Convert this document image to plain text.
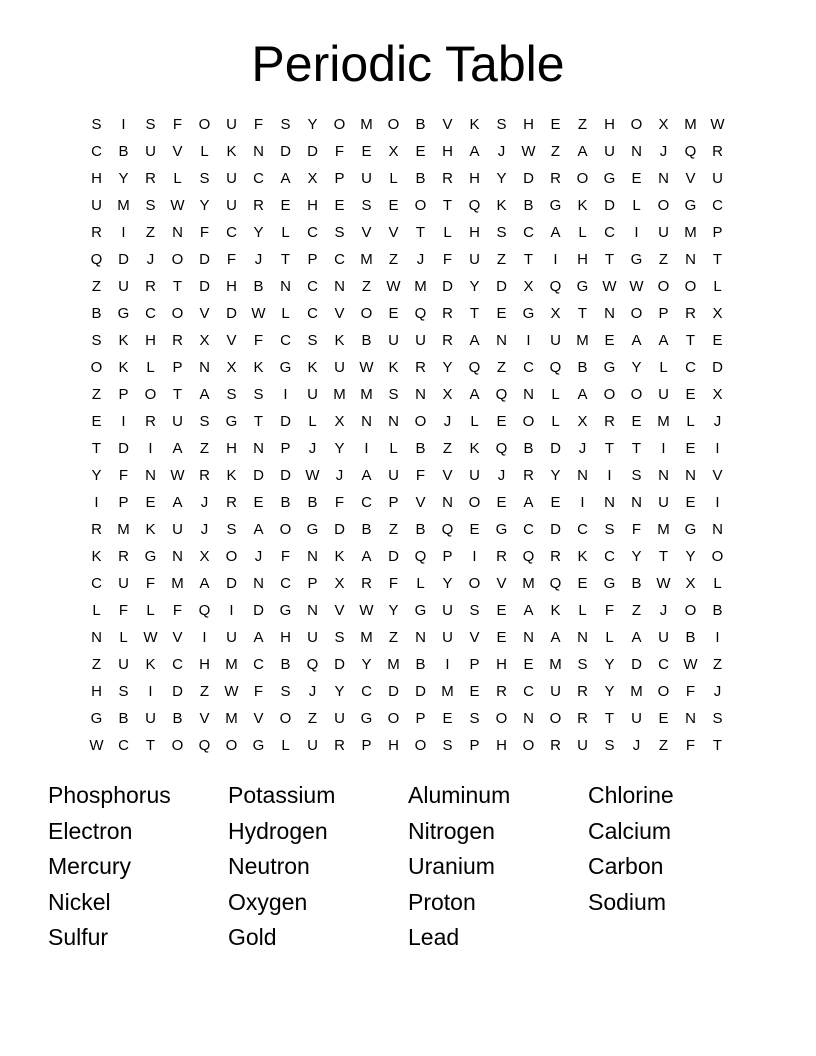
Periodic Table
S	I	S	F	O	U	F	S	Y	O M O	B	V	K	S	H	E	Z	H	O	X	M W
C	B	U	V	L	K	N	D	D	F	E	X	E	H	A	J	W	Z	A	U	N	J	Q	R
H	Y	R	L	S	U	C	A	X	P	U	L	B	R	H	Y	D	R	O	G	E	N	V	U
U	M	S W Y	U	R	E	H	E	S	E	O	T	Q	K	B	G	K	D	L	O	G	C
R	I	Z	N	F	C	Y	L	C	S	V	V	T	L	H	S	C	A	L	C	I	U	M	P
Q	D	J	O	D	F	J	T	P	C	M	Z	J	F	U	Z	T	I	H	T	G	Z	N	T
Z	U	R	T	D	H	B	N	C	N	Z	W M	D	Y	D	X	Q	G W W O	O	L
B	G	C	O	V	D W	L	C	V	O	E	Q	R	T	E	G	X	T	N	O	P	R	X
S	K	H	R	X	V	F	C	S	K	B	U	U	R	A	N	I	U	M	E	A	A	T	E
O	K	L	P	N	X	K	G	K	U W K	R	Y	Q	Z	C	Q	B	G	Y	L	C	D
Z	P	O	T	A	S	S	I	U	M M	S	N	X	A	Q	N	L	A	O	O	U	E	X
E	I	R	U	S	G	T	D	L	X	N	N	O	J	L	E	O	L	X	R	E	M	L	J
T	D	I	A	Z	H	N	P	J	Y	I	L	B	Z	K	Q	B	D	J	T	T	I	E	I
Y	F	N W R	K	D	D W	J	A	U	F	V	U	J	R	Y	N	I	S	N	N	V
I	P	E	A	J	R	E	B	B	F	C	P	V	N	O	E	A	E	I	N	N	U	E	I
R	M	K	U	J	S	A	O	G	D	B	Z	B	Q	E	G	C	D	C	S	F	M G	N
K	R	G	N	X	O	J	F	N	K	A	D	Q	P	I	R	Q	R	K	C	Y	T	Y	O
C	U	F	M	A	D	N	C	P	X	R	F	L	Y	O	V	M Q	E	G	B W X	L
L	F	L	F	Q	I	D	G	N	V W Y	G	U	S	E	A	K	L	F	Z	J	O	B
N	L	W V	I	U	A	H	U	S	M	Z	N	U	V	E	N	A	N	L	A	U	B	I
Z	U	K	C	H	M	C	B	Q	D	Y	M	B	I	P	H	E	M	S	Y	D	C W	Z
H	S	I	D	Z	W	F	S	J	Y	C	D	D	M	E	R	C	U	R	Y	M O	F	J
G	B	U	B	V	M	V	O	Z	U	G	O	P	E	S	O	N	O	R	T	U	E	N	S
W C	T	O	Q	O	G	L	U	R	P	H	O	S	P	H	O	R	U	S	J	Z	F	T
Phosphorus	Potassium	Aluminum	Chlorine
Electron	Hydrogen	Nitrogen	Calcium
Mercury	Neutron	Uranium	Carbon
Nickel	Oxygen	Proton	Sodium
Sulfur	Gold	Lead
